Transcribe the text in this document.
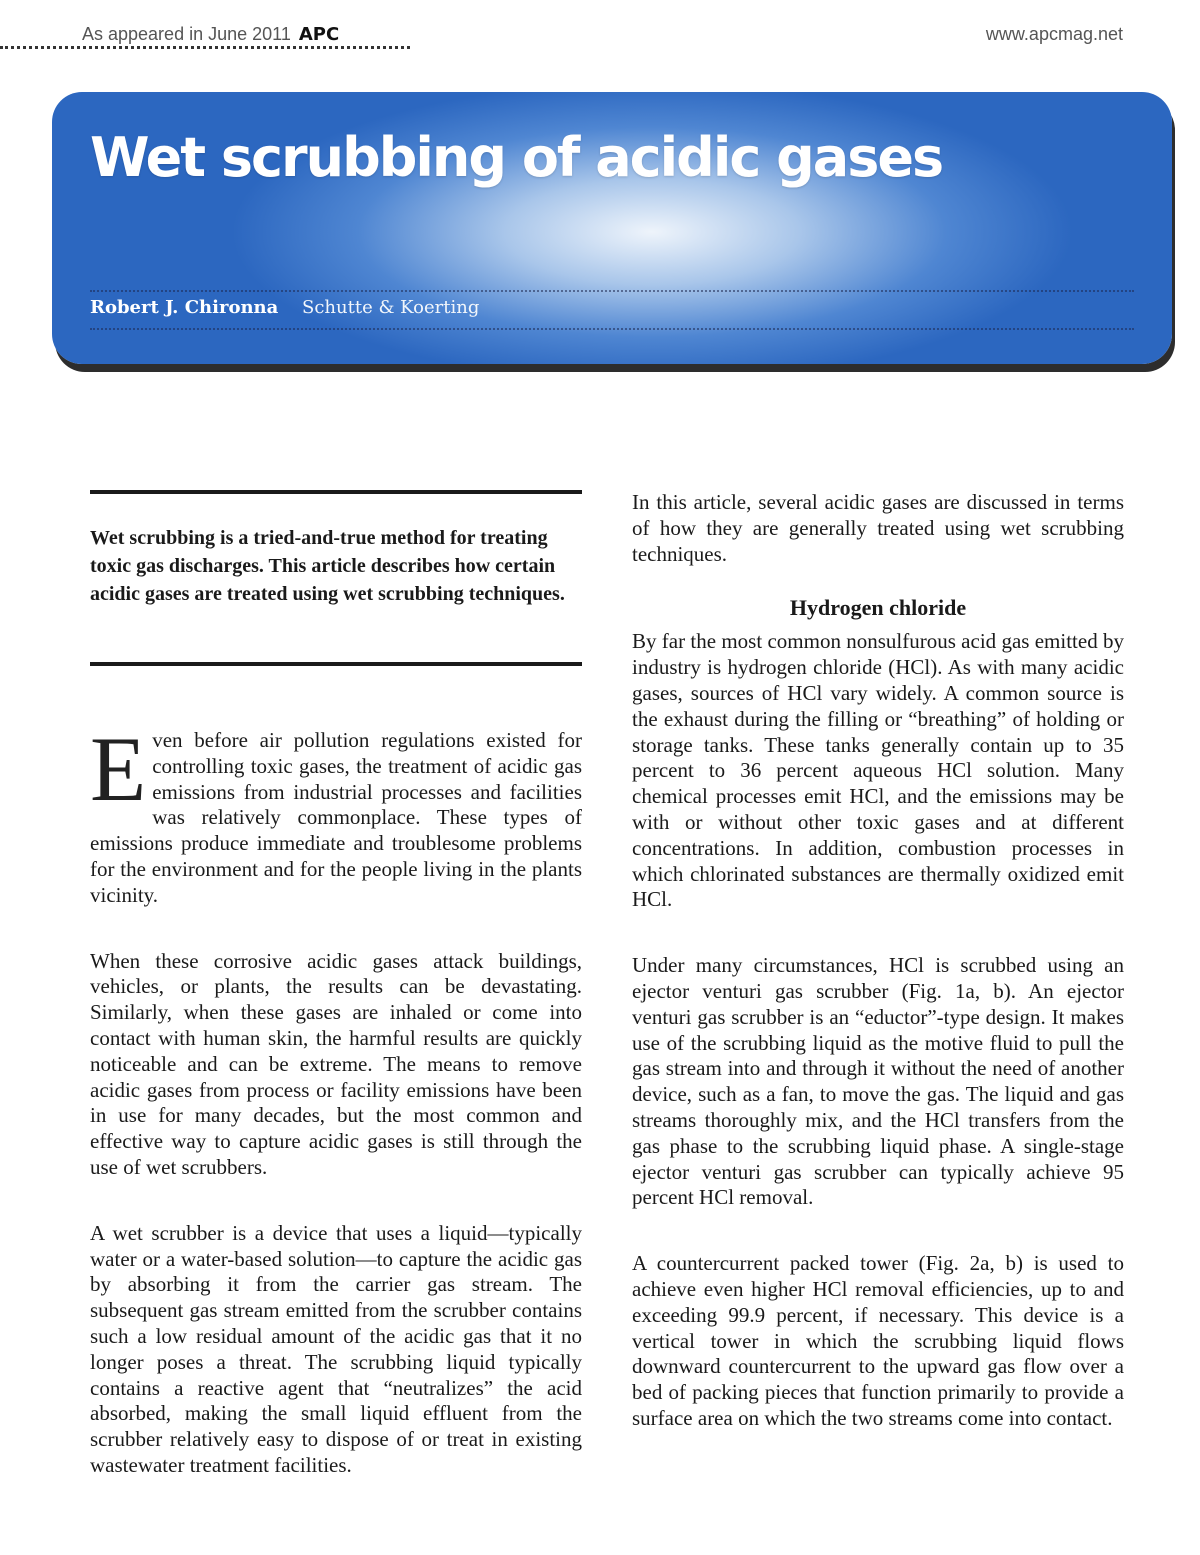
As appeared in June 2011 APC	www.apcmag.net
Wet scrubbing of acidic gases
Robert J. Chironna Schutte & Koerting

Wet scrubbing is a tried-and-true method for treating toxic gas discharges. This article describes how certain acidic gases are treated using wet scrubbing techniques.

Even before air pollution regulations existed for controlling toxic gases, the treatment of acidic gas emissions from industrial processes and facilities was relatively commonplace. These types of emissions produce immediate and troublesome problems for the environment and for the people living in the plants vicinity.

When these corrosive acidic gases attack buildings, vehicles, or plants, the results can be devastating. Similarly, when these gases are inhaled or come into contact with human skin, the harmful results are quickly noticeable and can be extreme. The means to remove acidic gases from process or facility emissions have been in use for many decades, but the most common and effective way to capture acidic gases is still through the use of wet scrubbers.

A wet scrubber is a device that uses a liquid—typically water or a water-based solution—to capture the acidic gas by absorbing it from the carrier gas stream. The subsequent gas stream emitted from the scrubber contains such a low residual amount of the acidic gas that it no longer poses a threat. The scrubbing liquid typically contains a reactive agent that “neutralizes” the acid absorbed, making the small liquid effluent from the scrubber relatively easy to dispose of or treat in existing wastewater treatment facilities.

In this article, several acidic gases are discussed in terms of how they are generally treated using wet scrubbing techniques.

Hydrogen chloride

By far the most common nonsulfurous acid gas emitted by industry is hydrogen chloride (HCl). As with many acidic gases, sources of HCl vary widely. A common source is the exhaust during the filling or “breathing” of holding or storage tanks. These tanks generally contain up to 35 percent to 36 percent aqueous HCl solution. Many chemical processes emit HCl, and the emissions may be with or without other toxic gases and at different concentrations. In addition, combustion processes in which chlorinated substances are thermally oxidized emit HCl.

Under many circumstances, HCl is scrubbed using an ejector venturi gas scrubber (Fig. 1a, b). An ejector venturi gas scrubber is an “eductor”-type design. It makes use of the scrubbing liquid as the motive fluid to pull the gas stream into and through it without the need of another device, such as a fan, to move the gas. The liquid and gas streams thoroughly mix, and the HCl transfers from the gas phase to the scrubbing liquid phase. A single-stage ejector venturi gas scrubber can typically achieve 95 percent HCl removal.

A countercurrent packed tower (Fig. 2a, b) is used to achieve even higher HCl removal efficiencies, up to and exceeding 99.9 percent, if necessary. This device is a vertical tower in which the scrubbing liquid flows downward countercurrent to the upward gas flow over a bed of packing pieces that function primarily to provide a surface area on which the two streams come into contact.
